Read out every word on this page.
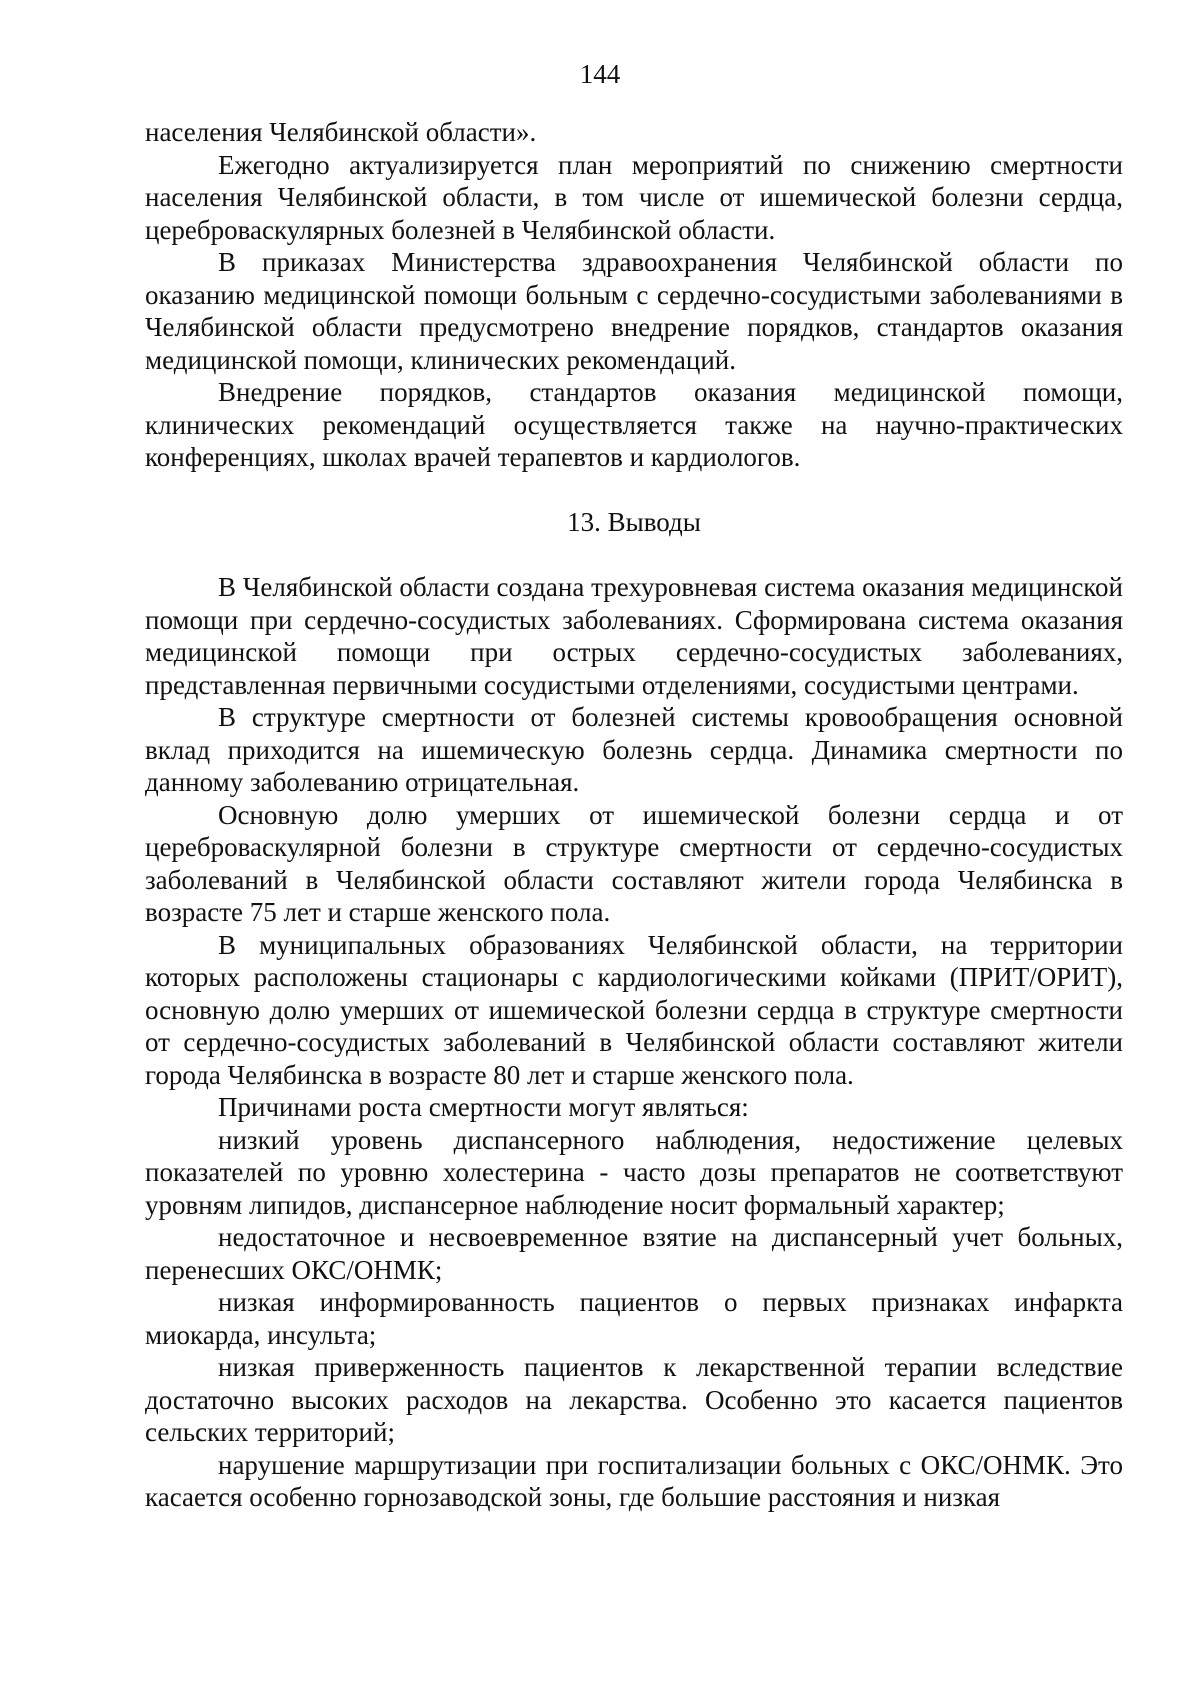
144

населения Челябинской области».

Ежегодно актуализируется план мероприятий по снижению смертности населения Челябинской области, в том числе от ишемической болезни сердца, цереброваскулярных болезней в Челябинской области.

В приказах Министерства здравоохранения Челябинской области по оказанию медицинской помощи больным с сердечно-сосудистыми заболеваниями в Челябинской области предусмотрено внедрение порядков, стандартов оказания медицинской помощи, клинических рекомендаций.

Внедрение порядков, стандартов оказания медицинской помощи, клинических рекомендаций осуществляется также на научно-практических конференциях, школах врачей терапевтов и кардиологов.

13. Выводы

В Челябинской области создана трехуровневая система оказания медицинской помощи при сердечно-сосудистых заболеваниях. Сформирована система оказания медицинской помощи при острых сердечно-сосудистых заболеваниях, представленная первичными сосудистыми отделениями, сосудистыми центрами.

В структуре смертности от болезней системы кровообращения основной вклад приходится на ишемическую болезнь сердца. Динамика смертности по данному заболеванию отрицательная.

Основную долю умерших от ишемической болезни сердца и от цереброваскулярной болезни в структуре смертности от сердечно-сосудистых заболеваний в Челябинской области составляют жители города Челябинска в возрасте 75 лет и старше женского пола.

В муниципальных образованиях Челябинской области, на территории которых расположены стационары с кардиологическими койками (ПРИТ/ОРИТ), основную долю умерших от ишемической болезни сердца в структуре смертности от сердечно-сосудистых заболеваний в Челябинской области составляют жители города Челябинска в возрасте 80 лет и старше женского пола.

Причинами роста смертности могут являться:

низкий уровень диспансерного наблюдения, недостижение целевых показателей по уровню холестерина - часто дозы препаратов не соответствуют уровням липидов, диспансерное наблюдение носит формальный характер;

недостаточное и несвоевременное взятие на диспансерный учет больных, перенесших ОКС/ОНМК;

низкая информированность пациентов о первых признаках инфаркта миокарда, инсульта;

низкая приверженность пациентов к лекарственной терапии вследствие достаточно высоких расходов на лекарства. Особенно это касается пациентов сельских территорий;

нарушение маршрутизации при госпитализации больных с ОКС/ОНМК. Это касается особенно горнозаводской зоны, где большие расстояния и низкая
